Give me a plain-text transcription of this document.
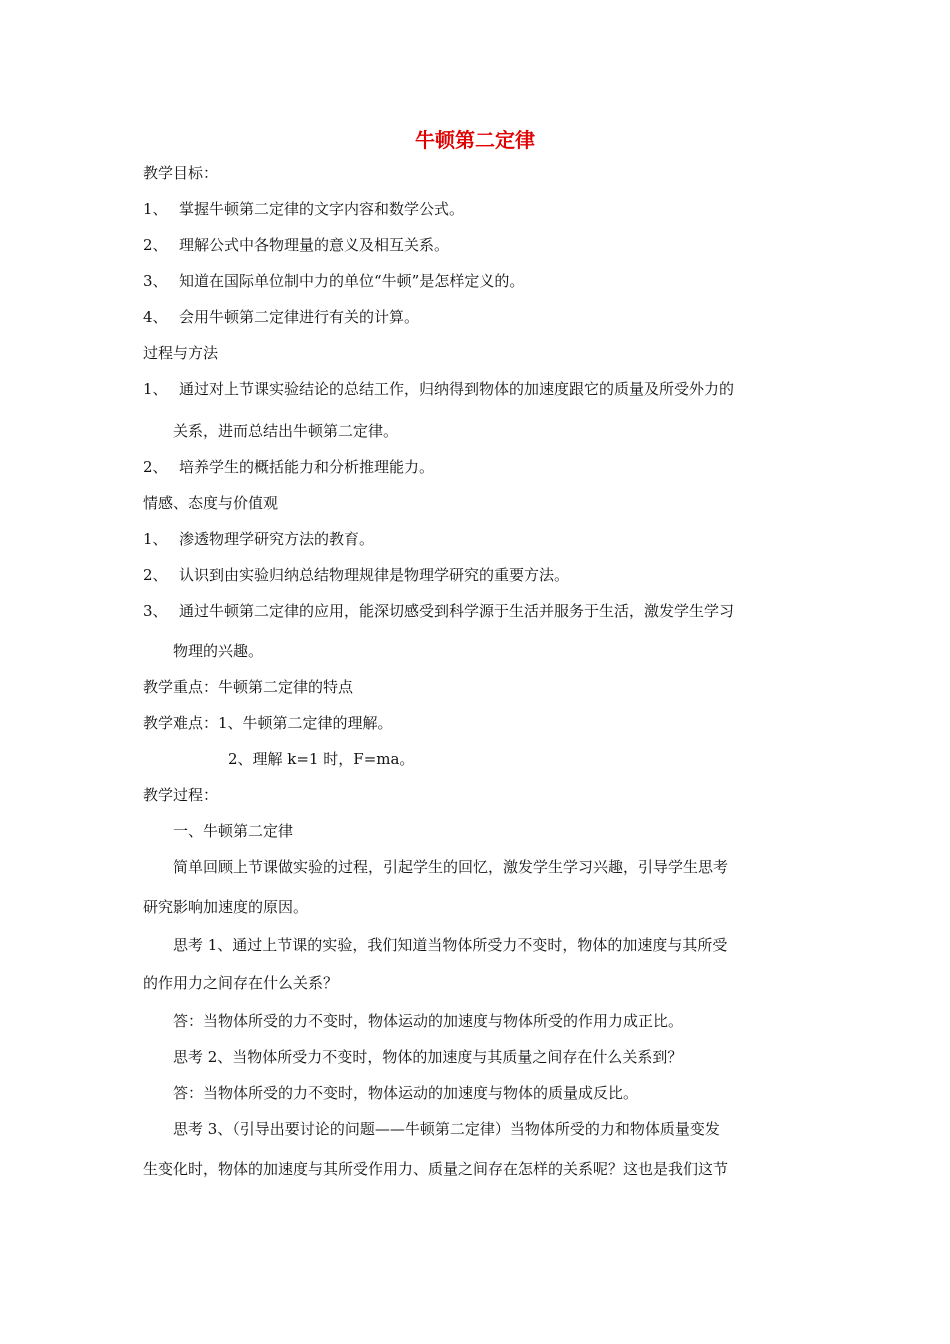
牛顿第二定律
教学目标：
1、 掌握牛顿第二定律的文字内容和数学公式。
2、 理解公式中各物理量的意义及相互关系。
3、 知道在国际单位制中力的单位“牛顿”是怎样定义的。
4、 会用牛顿第二定律进行有关的计算。
过程与方法
1、 通过对上节课实验结论的总结工作，归纳得到物体的加速度跟它的质量及所受外力的
关系，进而总结出牛顿第二定律。
2、 培养学生的概括能力和分析推理能力。
情感、态度与价值观
1、 渗透物理学研究方法的教育。
2、 认识到由实验归纳总结物理规律是物理学研究的重要方法。
3、 通过牛顿第二定律的应用，能深切感受到科学源于生活并服务于生活，激发学生学习
物理的兴趣。
教学重点：牛顿第二定律的特点
教学难点：1、牛顿第二定律的理解。
2、理解 k=1 时，F=ma。
教学过程：
一、牛顿第二定律
简单回顾上节课做实验的过程，引起学生的回忆，激发学生学习兴趣，引导学生思考
研究影响加速度的原因。
思考 1、通过上节课的实验，我们知道当物体所受力不变时，物体的加速度与其所受
的作用力之间存在什么关系？
答：当物体所受的力不变时，物体运动的加速度与物体所受的作用力成正比。
思考 2、当物体所受力不变时，物体的加速度与其质量之间存在什么关系到？
答：当物体所受的力不变时，物体运动的加速度与物体的质量成反比。
思考 3、（引导出要讨论的问题——牛顿第二定律）当物体所受的力和物体质量变发
生变化时，物体的加速度与其所受作用力、质量之间存在怎样的关系呢？这也是我们这节
